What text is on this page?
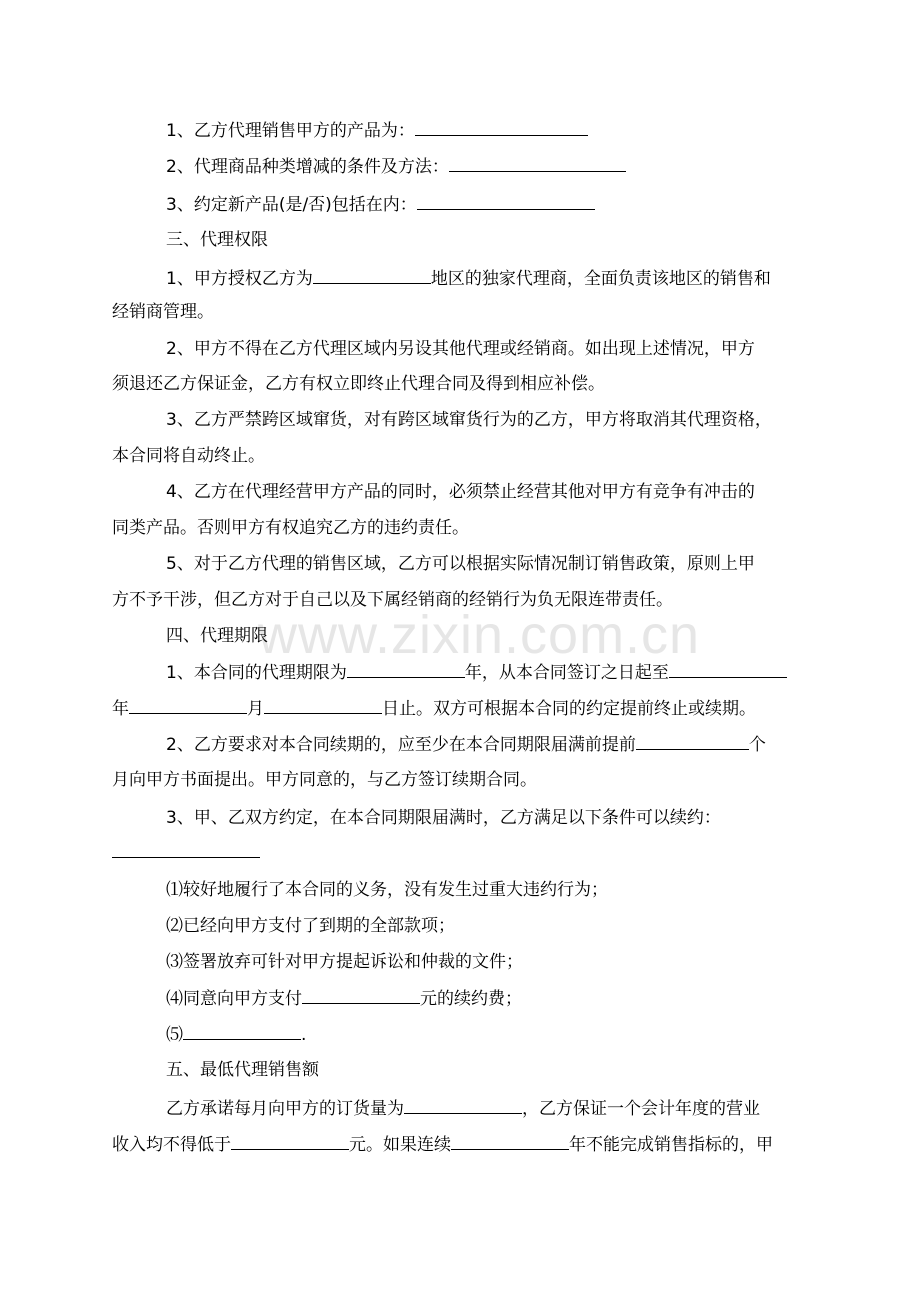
www.zixin.com.cn
1、乙方代理销售甲方的产品为：
2、代理商品种类增减的条件及方法：
3、约定新产品(是/否)包括在内：
三、代理权限
1、甲方授权乙方为	地区的独家代理商，全面负责该地区的销售和
经销商管理。
2、甲方不得在乙方代理区域内另设其他代理或经销商。如出现上述情况，甲方
须退还乙方保证金，乙方有权立即终止代理合同及得到相应补偿。
3、乙方严禁跨区域窜货，对有跨区域窜货行为的乙方，甲方将取消其代理资格，
本合同将自动终止。
4、乙方在代理经营甲方产品的同时，必须禁止经营其他对甲方有竞争有冲击的
同类产品。否则甲方有权追究乙方的违约责任。
5、对于乙方代理的销售区域，乙方可以根据实际情况制订销售政策，原则上甲
方不予干涉，但乙方对于自己以及下属经销商的经销行为负无限连带责任。
四、代理期限
1、本合同的代理期限为	年，从本合同签订之日起至
年	月	日止。双方可根据本合同的约定提前终止或续期。
2、乙方要求对本合同续期的，应至少在本合同期限届满前提前	个
月向甲方书面提出。甲方同意的，与乙方签订续期合同。
3、甲、乙双方约定，在本合同期限届满时，乙方满足以下条件可以续约：
⑴较好地履行了本合同的义务，没有发生过重大违约行为；
⑵已经向甲方支付了到期的全部款项；
⑶签署放弃可针对甲方提起诉讼和仲裁的文件；
⑷同意向甲方支付	元的续约费；
⑸	.
五、最低代理销售额
乙方承诺每月向甲方的订货量为	，乙方保证一个会计年度的营业
收入均不得低于	元。如果连续	年不能完成销售指标的，甲
